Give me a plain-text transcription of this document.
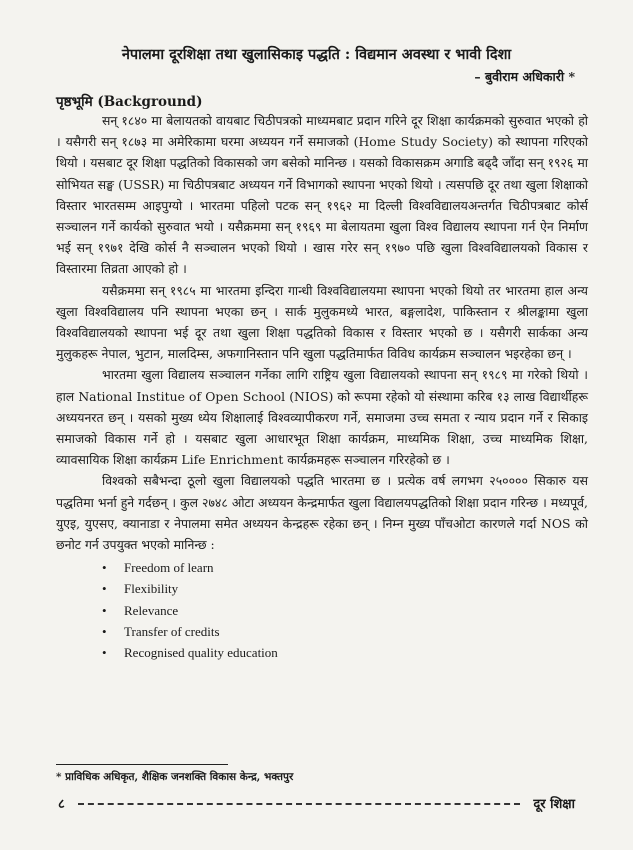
नेपालमा दूरशिक्षा तथा खुलासिकाइ पद्धति : विद्यमान अवस्था र भावी दिशा
– बुवीराम अधिकारी *
पृष्ठभूमि (Background)

सन् १८४० मा बेलायतको वायबाट चिठीपत्रको माध्यमबाट प्रदान गरिने दूर शिक्षा कार्यक्रमको सुरुवात भएको हो । यसैगरी सन् १८७३ मा अमेरिकामा घरमा अध्ययन गर्ने समाजको (Home Study Society) को स्थापना गरिएको थियो । यसबाट दूर शिक्षा पद्धतिको विकासको जग बसेको मानिन्छ । यसको विकासक्रम अगाडि बढ्दै जाँदा सन् १९२६ मा सोभियत सङ्घ (USSR) मा चिठीपत्रबाट अध्ययन गर्ने विभागको स्थापना भएको थियो । त्यसपछि दूर तथा खुला शिक्षाको विस्तार भारतसम्म आइपुग्यो । भारतमा पहिलो पटक सन् १९६२ मा दिल्ली विश्वविद्यालयअन्तर्गत चिठीपत्रबाट कोर्स सञ्चालन गर्ने कार्यको सुरुवात भयो । यसैक्रममा सन् १९६९ मा बेलायतमा खुला विश्व विद्यालय स्थापना गर्न ऐन निर्माण भई सन् १९७१ देखि कोर्स नै सञ्चालन भएको थियो । खास गरेर सन् १९७० पछि खुला विश्वविद्यालयको विकास र विस्तारमा तिव्रता आएको हो ।

यसैक्रममा सन् १९८५ मा भारतमा इन्दिरा गान्धी विश्वविद्यालयमा स्थापना भएको थियो तर भारतमा हाल अन्य खुला विश्वविद्यालय पनि स्थापना भएका छन् । सार्क मुलुकमध्ये भारत, बङ्गलादेश, पाकिस्तान र श्रीलङ्कामा खुला विश्वविद्यालयको स्थापना भई दूर तथा खुला शिक्षा पद्धतिको विकास र विस्तार भएको छ । यसैगरी सार्कका अन्य मुलुकहरू नेपाल, भुटान, मालदिम्स, अफगानिस्तान पनि खुला पद्धतिमार्फत विविध कार्यक्रम सञ्चालन भइरहेका छन् ।

भारतमा खुला विद्यालय सञ्चालन गर्नेका लागि राष्ट्रिय खुला विद्यालयको स्थापना सन् १९८९ मा गरेको थियो । हाल National Institue of Open School (NIOS) को रूपमा रहेको यो संस्थामा करिब १३ लाख विद्यार्थीहरू अध्ययनरत छन् । यसको मुख्य ध्येय शिक्षालाई विश्वव्यापीकरण गर्ने, समाजमा उच्च समता र न्याय प्रदान गर्ने र सिकाइ समाजको विकास गर्ने हो । यसबाट खुला आधारभूत शिक्षा कार्यक्रम, माध्यमिक शिक्षा, उच्च माध्यमिक शिक्षा, व्यावसायिक शिक्षा कार्यक्रम Life Enrichment कार्यक्रमहरू सञ्चालन गरिरहेको छ ।

विश्वको सबैभन्दा ठूलो खुला विद्यालयको पद्धति भारतमा छ । प्रत्येक वर्ष लगभग २५०००० सिकारु यस पद्धतिमा भर्ना हुने गर्दछन् । कुल २७४८ ओटा अध्ययन केन्द्रमार्फत खुला विद्यालयपद्धतिको शिक्षा प्रदान गरिन्छ । मध्यपूर्व, युएइ, युएसए, क्यानाडा र नेपालमा समेत अध्ययन केन्द्रहरू रहेका छन् । निम्न मुख्य पाँचओटा कारणले गर्दा NOS को छनोट गर्न उपयुक्त भएको मानिन्छ :

• Freedom of learn
• Flexibility
• Relevance
• Transfer of credits
• Recognised quality education
* प्राविधिक अधिकृत, शैक्षिक जनशक्ति विकास केन्द्र, भक्तपुर
८	दूर शिक्षा
